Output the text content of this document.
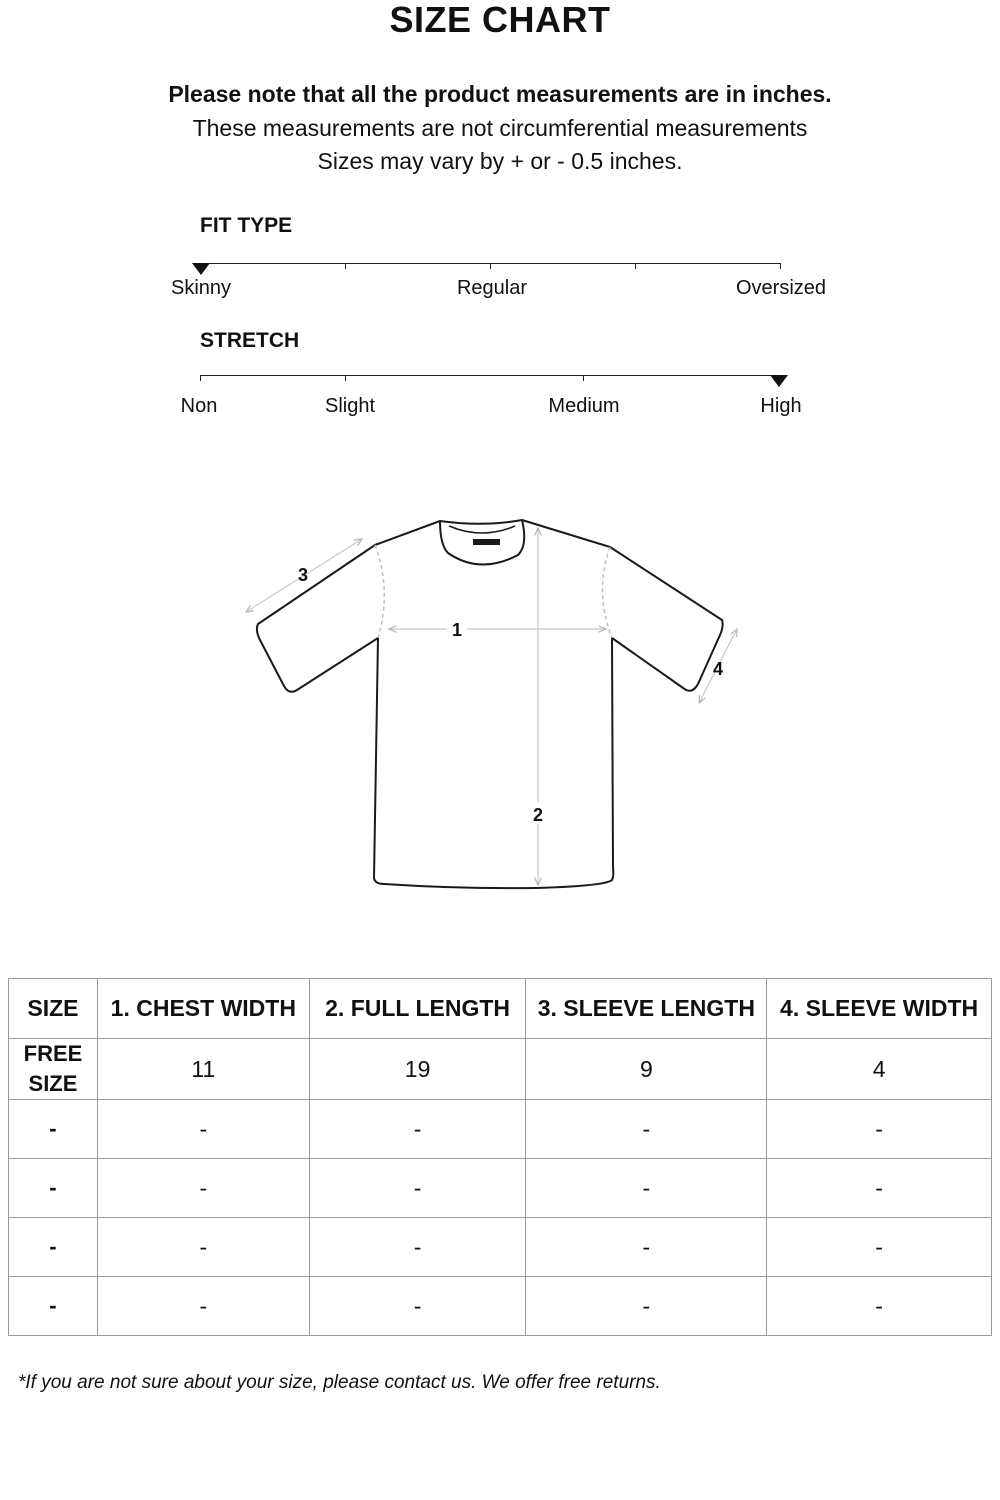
SIZE CHART
Please note that all the product measurements are in inches.
These measurements are not circumferential measurements
Sizes may vary by + or - 0.5 inches.
FIT TYPE
Skinny	Regular	Oversized
STRETCH
Non	Slight	Medium	High
1
2
3
4
SIZE	1. CHEST WIDTH	2. FULL LENGTH	3. SLEEVE LENGTH	4. SLEEVE WIDTH
FREE SIZE	11	19	9	4
-	-	-	-	-
-	-	-	-	-
-	-	-	-	-
-	-	-	-	-
*If you are not sure about your size, please contact us. We offer free returns.
